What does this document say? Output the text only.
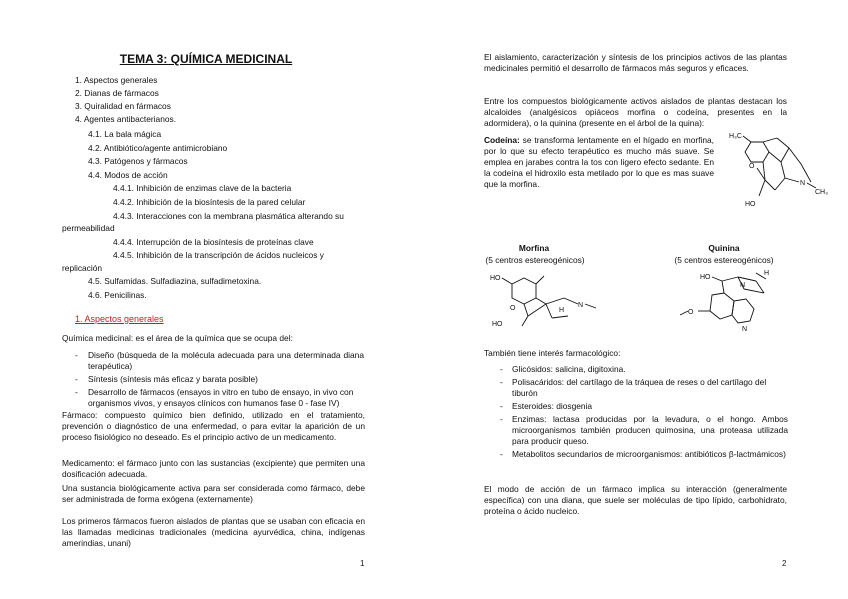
TEMA 3: QUÍMICA MEDICINAL
1. Aspectos generales
2. Dianas de fármacos
3. Quiralidad en fármacos
4. Agentes antibacterianos.
4.1. La bala mágica
4.2. Antibiótico/agente antimicrobiano
4.3. Patógenos y fármacos
4.4. Modos de acción
4.4.1. Inhibición de enzimas clave de la bacteria
4.4.2. Inhibición de la biosíntesis de la pared celular
4.4.3. Interacciones con la membrana plasmática alterando su
permeabilidad
4.4.4. Interrupción de la biosíntesis de proteínas clave
4.4.5. Inhibición de la transcripción de ácidos nucleicos y
replicación
4.5. Sulfamidas. Sulfadiazina, sulfadimetoxina.
4.6. Penicilinas.
1. Aspectos generales
Química medicinal: es el área de la química que se ocupa del:
- Diseño (búsqueda de la molécula adecuada para una determinada diana terapéutica)
- Síntesis (síntesis más eficaz y barata posible)
- Desarrollo de fármacos (ensayos in vitro en tubo de ensayo, in vivo con organismos vivos, y ensayos clínicos con humanos fase 0 - fase IV)
Fármaco: compuesto químico bien definido, utilizado en el tratamiento, prevención o diagnóstico de una enfermedad, o para evitar la aparición de un proceso fisiológico no deseado. Es el principio activo de un medicamento.
Medicamento: el fármaco junto con las sustancias (excipiente) que permiten una dosificación adecuada.
Una sustancia biológicamente activa para ser considerada como fármaco, debe ser administrada de forma exógena (externamente)
Los primeros fármacos fueron aislados de plantas que se usaban con eficacia en las llamadas medicinas tradicionales (medicina ayurvédica, china, indígenas amerindias, unani)
1
El aislamiento, caracterización y síntesis de los principios activos de las plantas medicinales permitió el desarrollo de fármacos más seguros y eficaces.
Entre los compuestos biológicamente activos aislados de plantas destacan los alcaloides (analgésicos opiáceos morfina o codeína, presentes en la adormidera), o la quinina (presente en el árbol de la quina):
Codeína: se transforma lentamente en el hígado en morfina, por lo que su efecto terapéutico es mucho más suave. Se emplea en jarabes contra la tos con ligero efecto sedante. En la codeína el hidroxilo esta metilado por lo que es mas suave que la morfina.
H₃C
O
HO
N
CH₃
Morfina
(5 centros estereogénicos)
Quinina
(5 centros estereogénicos)
HO
O	H
N
HO
H
HO
N
O
N
También tiene interés farmacológico:
- Glicósidos: salicina, digitoxina.
- Polisacáridos: del cartílago de la tráquea de reses o del cartílago del tiburón
- Esteroides: diosgenia
- Enzimas: lactasa producidas por la levadura, o el hongo. Ambos microorganismos también producen quimosina, una proteasa utilizada para producir queso.
- Metabolitos secundarios de microorganismos: antibióticos β-lactmámicos)
El modo de acción de un fármaco implica su interacción (generalmente específica) con una diana, que suele ser moléculas de tipo lípido, carbohidrato, proteína o ácido nucleico.
2
